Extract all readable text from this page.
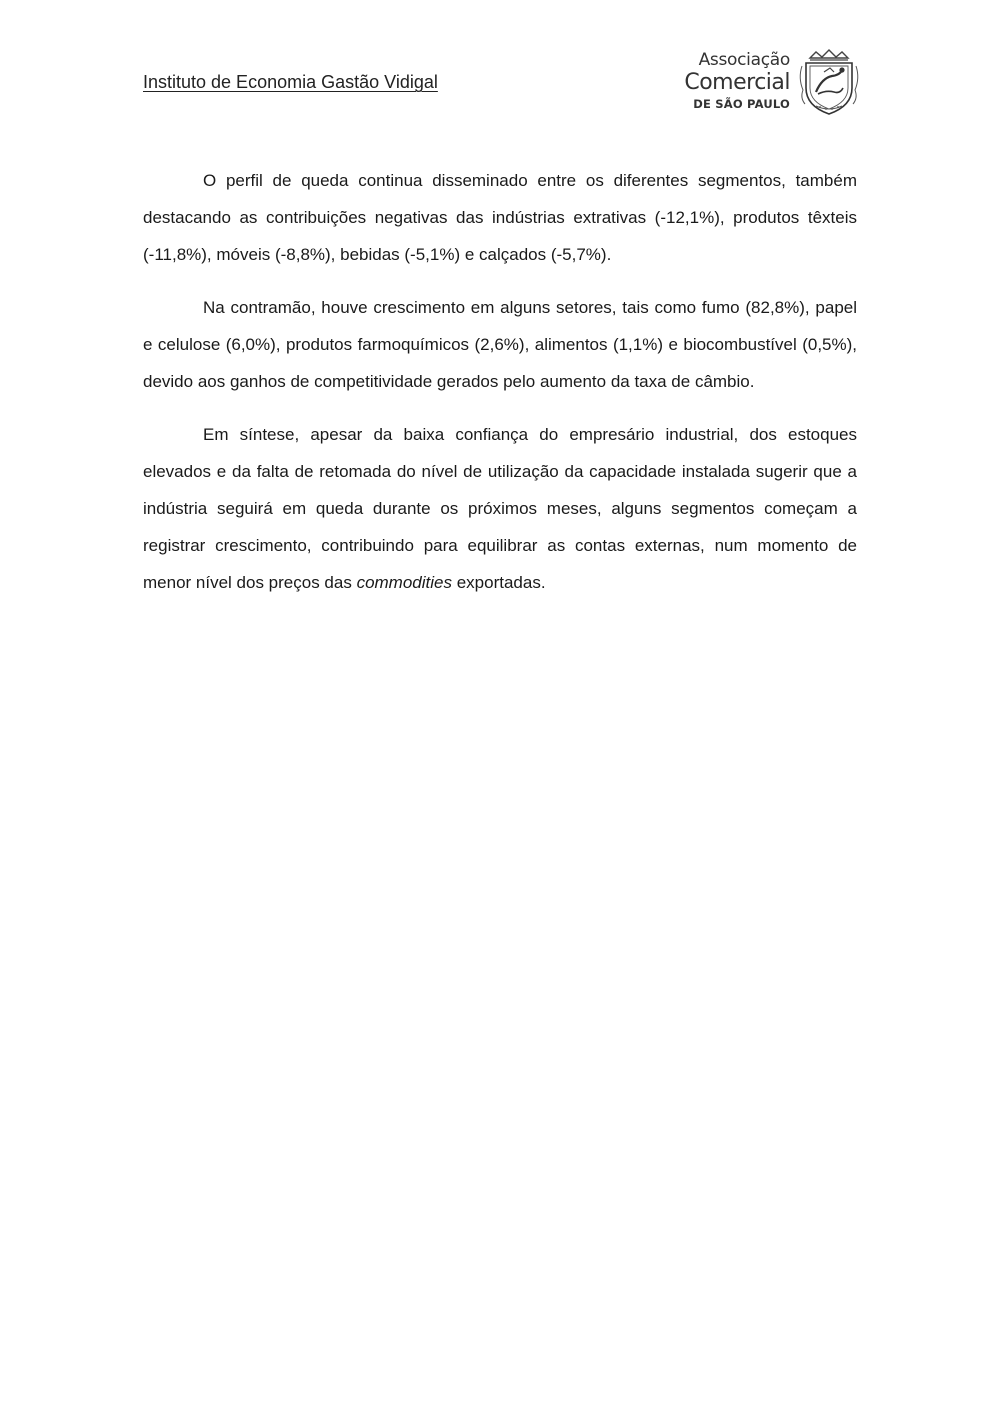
Instituto de Economia Gastão Vidigal
Associação
Comercial
DE SÃO PAULO

O perfil de queda continua disseminado entre os diferentes segmentos, também destacando as contribuições negativas das indústrias extrativas (-12,1%), produtos têxteis (-11,8%), móveis (-8,8%), bebidas (-5,1%) e calçados (-5,7%).

Na contramão, houve crescimento em alguns setores, tais como fumo (82,8%), papel e celulose (6,0%), produtos farmoquímicos (2,6%), alimentos (1,1%) e biocombustível (0,5%), devido aos ganhos de competitividade gerados pelo aumento da taxa de câmbio.

Em síntese, apesar da baixa confiança do empresário industrial, dos estoques elevados e da falta de retomada do nível de utilização da capacidade instalada sugerir que a indústria seguirá em queda durante os próximos meses, alguns segmentos começam a registrar crescimento, contribuindo para equilibrar as contas externas, num momento de menor nível dos preços das commodities exportadas.
